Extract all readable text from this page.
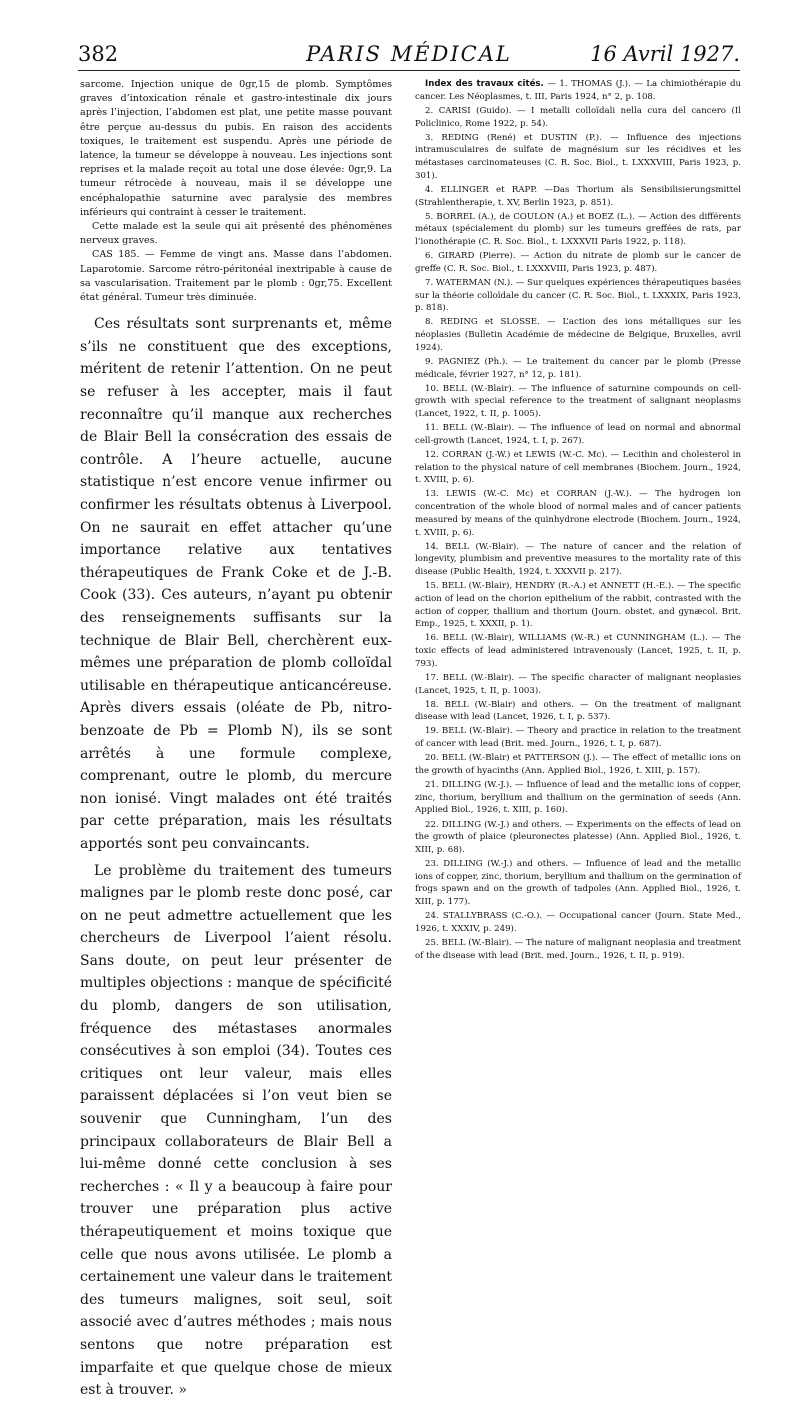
382	PARIS MÉDICAL	16 Avril 1927.

sarcome. Injection unique de 0gr,15 de plomb. Symptômes graves d’intoxication rénale et gastro-intestinale dix jours après l’injection, l’abdomen est plat, une petite masse pouvant être perçue au-dessus du pubis. En raison des accidents toxiques, le traitement est suspendu. Après une période de latence, la tumeur se développe à nouveau. Les injections sont reprises et la malade reçoit au total une dose élevée: 0gr,9. La tumeur rétrocède à nouveau, mais il se développe une encéphalopathie saturnine avec paralysie des membres inférieurs qui contraint à cesser le traitement.

Cette malade est la seule qui ait présenté des phénomènes nerveux graves.

CAS 185. — Femme de vingt ans. Masse dans l’abdomen. Laparotomie. Sarcome rétro-péritonéal inextripable à cause de sa vascularisation. Traitement par le plomb : 0gr,75. Excellent état général. Tumeur très diminuée.

Ces résultats sont surprenants et, même s’ils ne constituent que des exceptions, méritent de retenir l’attention. On ne peut se refuser à les accepter, mais il faut reconnaître qu’il manque aux recherches de Blair Bell la consécration des essais de contrôle. A l’heure actuelle, aucune statistique n’est encore venue infirmer ou confirmer les résultats obtenus à Liverpool. On ne saurait en effet attacher qu’une importance relative aux tentatives thérapeutiques de Frank Coke et de J.-B. Cook (33). Ces auteurs, n’ayant pu obtenir des renseignements suffisants sur la technique de Blair Bell, cherchèrent eux-mêmes une préparation de plomb colloïdal utilisable en thérapeutique anticancéreuse. Après divers essais (oléate de Pb, nitro-benzoate de Pb = Plomb N), ils se sont arrêtés à une formule complexe, comprenant, outre le plomb, du mercure non ionisé. Vingt malades ont été traités par cette préparation, mais les résultats apportés sont peu convaincants.

Le problème du traitement des tumeurs malignes par le plomb reste donc posé, car on ne peut admettre actuellement que les chercheurs de Liverpool l’aient résolu. Sans doute, on peut leur présenter de multiples objections : manque de spécificité du plomb, dangers de son utilisation, fréquence des métastases anormales consécutives à son emploi (34). Toutes ces critiques ont leur valeur, mais elles paraissent déplacées si l’on veut bien se souvenir que Cunningham, l’un des principaux collaborateurs de Blair Bell a lui-même donné cette conclusion à ses recherches : « Il y a beaucoup à faire pour trouver une préparation plus active thérapeutiquement et moins toxique que celle que nous avons utilisée. Le plomb a certainement une valeur dans le traitement des tumeurs malignes, soit seul, soit associé avec d’autres méthodes ; mais nous sentons que notre préparation est imparfaite et que quelque chose de mieux est à trouver. »

Index des travaux cités. — 1. THOMAS (J.). — La chimiothérapie du cancer. Les Néoplasmes, t. III, Paris 1924, n° 2, p. 108.

2. CARISI (Guido). — I metalli colloïdali nella cura del cancero (Il Policlinico, Rome 1922, p. 54).

3. REDING (René) et DUSTIN (P.). — Influence des injections intramusculaires de sulfate de magnésium sur les récidives et les métastases carcinomateuses (C. R. Soc. Biol., t. LXXXVIII, Paris 1923, p. 301).

4. ELLINGER et RAPP. —Das Thorium als Sensibilisierungsmittel (Strahlentherapie, t. XV, Berlin 1923, p. 851).

5. BORREL (A.), de COULON (A.) et BOEZ (L.). — Action des différents métaux (spécialement du plomb) sur les tumeurs greffées de rats, par l’ionothérapie (C. R. Soc. Biol., t. LXXXVII Paris 1922, p. 118).

6. GIRARD (Pierre). — Action du nitrate de plomb sur le cancer de greffe (C. R. Soc. Biol., t. LXXXVIII, Paris 1923, p. 487).

7. WATERMAN (N.). — Sur quelques expériences thérapeutiques basées sur la théorie colloïdale du cancer (C. R. Soc. Biol., t. LXXXIX, Paris 1923, p. 818).

8. REDING et SLOSSE. — L’action des ions métalliques sur les néoplasies (Bulletin Académie de médecine de Belgique, Bruxelles, avril 1924).

9. PAGNIEZ (Ph.). — Le traitement du cancer par le plomb (Presse médicale, février 1927, n° 12, p. 181).

10. BELL (W.-Blair). — The influence of saturnine compounds on cell-growth with special reference to the treatment of salignant neoplasms (Lancet, 1922, t. II, p. 1005).

11. BELL (W.-Blair). — The influence of lead on normal and abnormal cell-growth (Lancet, 1924, t. I, p. 267).

12. CORRAN (J.-W.) et LEWIS (W.-C. Mc). — Lecithin and cholesterol in relation to the physical nature of cell membranes (Biochem. Journ., 1924, t. XVIII, p. 6).

13. LEWIS (W.-C. Mc) et CORRAN (J.-W.). — The hydrogen ion concentration of the whole blood of normal males and of cancer patients measured by means of the quinhydrone electrode (Biochem. Journ., 1924, t. XVIII, p. 6).

14. BELL (W.-Blair). — The nature of cancer and the relation of longevity, plumbism and preventive measures to the mortality rate of this disease (Public Health, 1924, t. XXXVII p. 217).

15. BELL (W.-Blair), HENDRY (R.-A.) et ANNETT (H.-E.). — The specific action of lead on the chorion epithelium of the rabbit, contrasted with the action of copper, thallium and thorium (Journ. obstet. and gynæcol. Brit. Emp., 1925, t. XXXII, p. 1).

16. BELL (W.-Blair), WILLIAMS (W.-R.) et CUNNINGHAM (L.). — The toxic effects of lead administered intravenously (Lancet, 1925, t. II, p. 793).

17. BELL (W.-Blair). — The specific character of malignant neoplasies (Lancet, 1925, t. II, p. 1003).

18. BELL (W.-Blair) and others. — On the treatment of malignant disease with lead (Lancet, 1926, t. I, p. 537).

19. BELL (W.-Blair). — Theory and practice in relation to the treatment of cancer with lead (Brit. med. Journ., 1926, t. I, p. 687).

20. BELL (W.-Blair) et PATTERSON (J.). — The effect of metallic ions on the growth of hyacinths (Ann. Applied Biol., 1926, t. XIII, p. 157).

21. DILLING (W.-J.). — Influence of lead and the metallic ions of copper, zinc, thorium, beryllium and thallium on the germination of seeds (Ann. Applied Biol., 1926, t. XIII, p. 160).

22. DILLING (W.-J.) and others. — Experiments on the effects of lead on the growth of plaice (pleuronectes platesse) (Ann. Applied Biol., 1926, t. XIII, p. 68).

23. DILLING (W.-J.) and others. — Influence of lead and the metallic ions of copper, zinc, thorium, beryllium and thallium on the germination of frogs spawn and on the growth of tadpoles (Ann. Applied Biol., 1926, t. XIII, p. 177).

24. STALLYBRASS (C.-O.). — Occupational cancer (Journ. State Med., 1926, t. XXXIV, p. 249).

25. BELL (W.-Blair). — The nature of malignant neoplasia and treatment of the disease with lead (Brit. med. Journ., 1926, t. II, p. 919).
